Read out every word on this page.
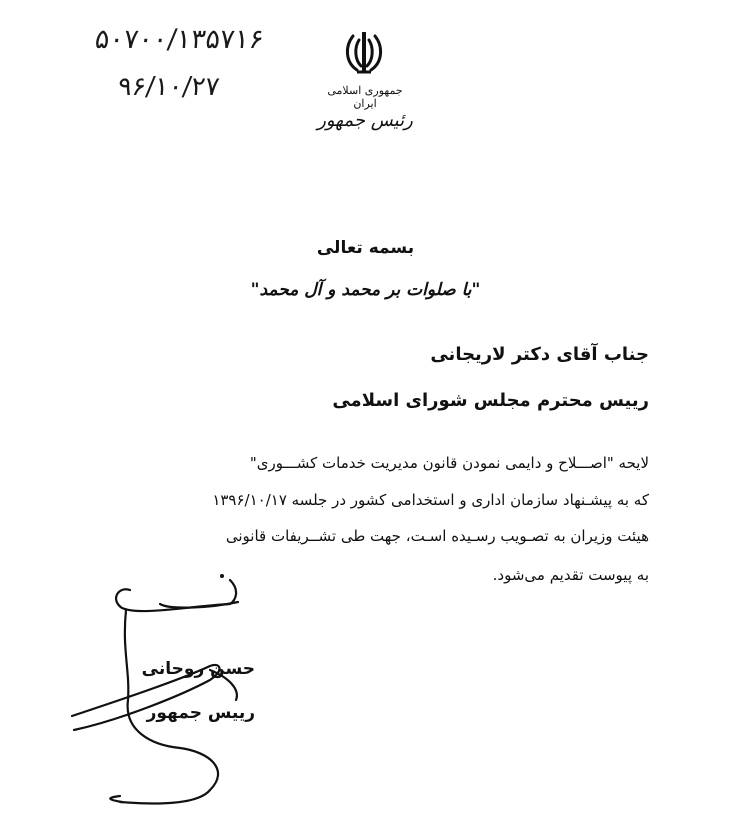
۵۰۷۰۰/۱۳۵۷۱۶
۹۶/۱۰/۲۷	جمهوری اسلامی ایران
رئیس جمهور
بسمه تعالی
"با صلوات بر محمد و آل محمد"
جناب آقای دکتر لاریجانی
رییس محترم مجلس شورای اسلامی
لایحه "اصـــلاح و دایمی نمودن قانون مدیریت خدمات کشـــوری"
که به پیشـنهاد سازمان اداری و استخدامی کشور در جلسه ۱۳۹۶/۱۰/۱۷
هیئت وزیران به تصـویب رسـیده اسـت، جهت طی تشــریفات قانونی
به پیوست تقدیم می‌شود.
حسن روحانی
رییس جمهور
